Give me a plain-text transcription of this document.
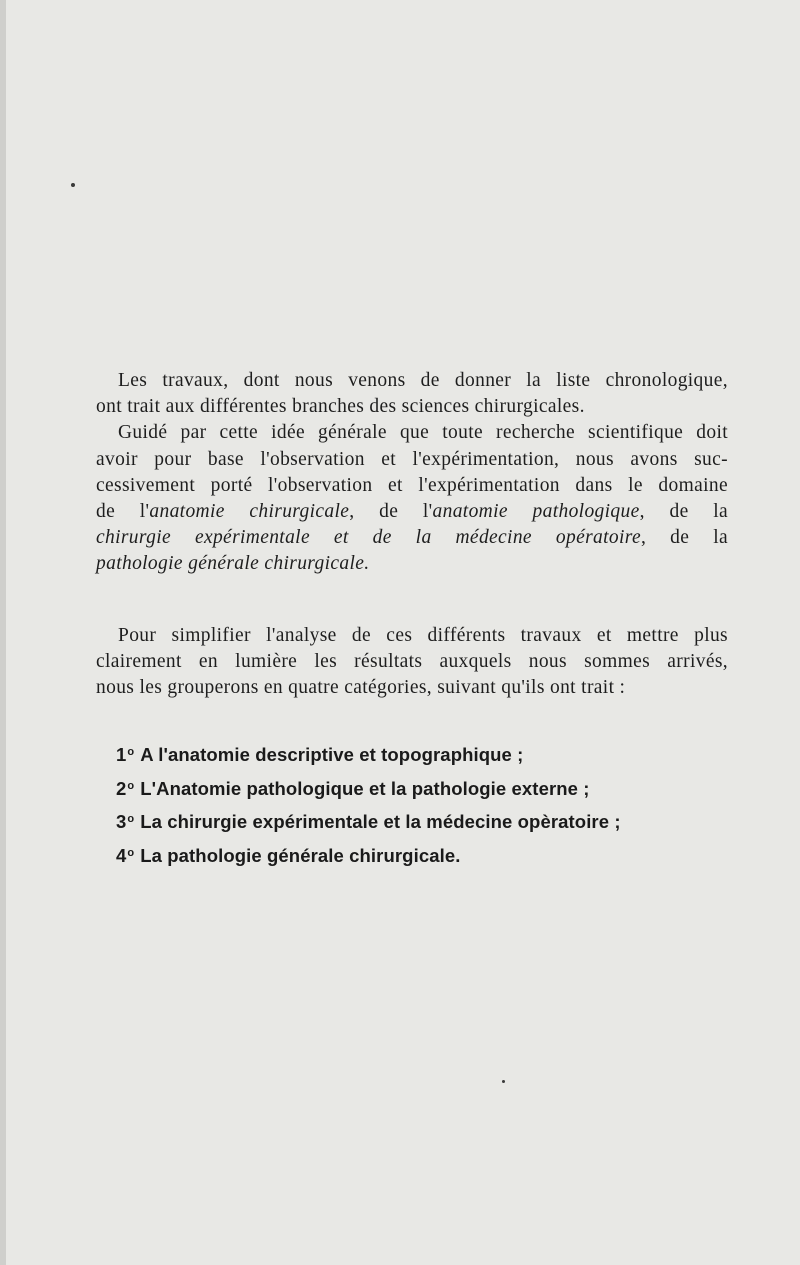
Les travaux, dont nous venons de donner la liste chronologique,
ont trait aux différentes branches des sciences chirurgicales.
Guidé par cette idée générale que toute recherche scientifique doit
avoir pour base l'observation et l'expérimentation, nous avons suc-
cessivement porté l'observation et l'expérimentation dans le domaine
de l'anatomie chirurgicale, de l'anatomie pathologique, de la
chirurgie expérimentale et de la médecine opératoire, de la
pathologie générale chirurgicale.

Pour simplifier l'analyse de ces différents travaux et mettre plus
clairement en lumière les résultats auxquels nous sommes arrivés,
nous les grouperons en quatre catégories, suivant qu'ils ont trait :

1$^o$ A l'anatomie descriptive et topographique ;
2$^o$ L'Anatomie pathologique et la pathologie externe ;
3$^o$ La chirurgie expérimentale et la médecine opèratoire ;
4$^o$ La pathologie générale chirurgicale.
